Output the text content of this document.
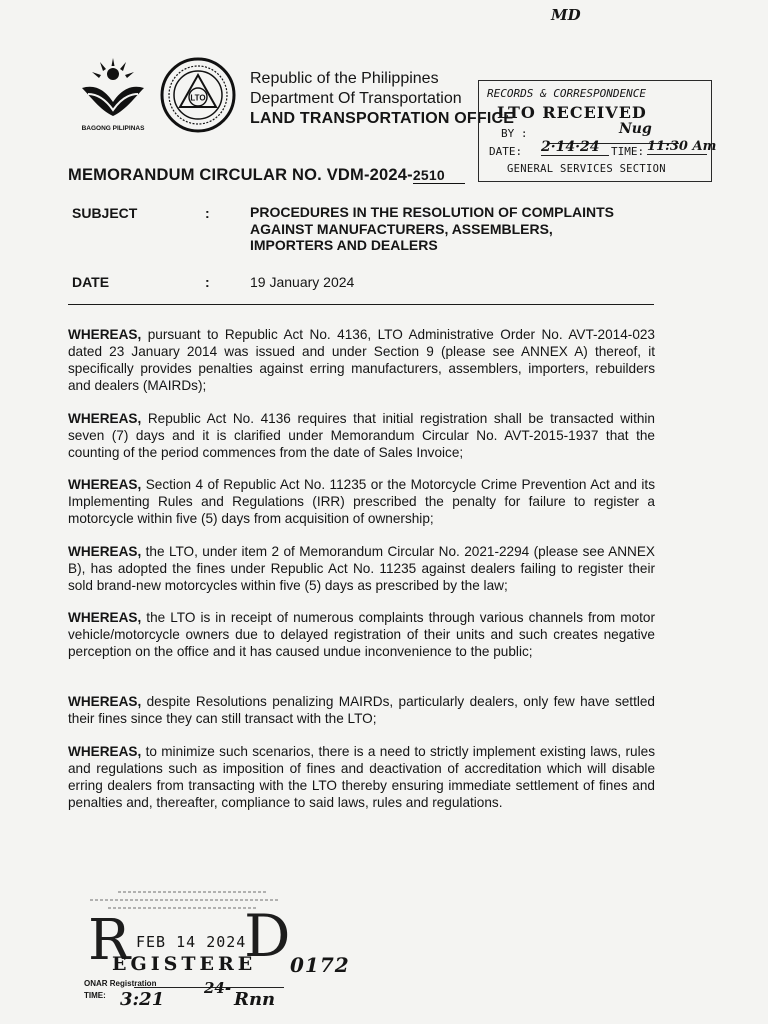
MD
BAGONG PILIPINAS
LTO
Republic of the Philippines
Department Of Transportation
LAND TRANSPORTATION OFFICE
RECORDS & CORRESPONDENCE
LTO RECEIVED
BY :	Nug
DATE: 2·14·24	TIME: 11:30 Am
GENERAL SERVICES SECTION
MEMORANDUM CIRCULAR NO. VDM-2024-2510
SUBJECT	:	PROCEDURES IN THE RESOLUTION OF COMPLAINTS
AGAINST MANUFACTURERS, ASSEMBLERS,
IMPORTERS AND DEALERS
DATE	:	19 January 2024
WHEREAS, pursuant to Republic Act No. 4136, LTO Administrative Order No. AVT-2014-023 dated 23 January 2014 was issued and under Section 9 (please see ANNEX A) thereof, it specifically provides penalties against erring manufacturers, assemblers, importers, rebuilders and dealers (MAIRDs);
WHEREAS, Republic Act No. 4136 requires that initial registration shall be transacted within seven (7) days and it is clarified under Memorandum Circular No. AVT-2015-1937 that the counting of the period commences from the date of Sales Invoice;
WHEREAS, Section 4 of Republic Act No. 11235 or the Motorcycle Crime Prevention Act and its Implementing Rules and Regulations (IRR) prescribed the penalty for failure to register a motorcycle within five (5) days from acquisition of ownership;
WHEREAS, the LTO, under item 2 of Memorandum Circular No. 2021-2294 (please see ANNEX B), has adopted the fines under Republic Act No. 11235 against dealers failing to register their sold brand-new motorcycles within five (5) days as prescribed by the law;
WHEREAS, the LTO is in receipt of numerous complaints through various channels from motor vehicle/motorcycle owners due to delayed registration of their units and such creates negative perception on the office and it has caused undue inconvenience to the public;
WHEREAS, despite Resolutions penalizing MAIRDs, particularly dealers, only few have settled their fines since they can still transact with the LTO;
WHEREAS, to minimize such scenarios, there is a need to strictly implement existing laws, rules and regulations such as imposition of fines and deactivation of accreditation which will disable erring dealers from transacting with the LTO thereby ensuring immediate settlement of fines and penalties and, thereafter, compliance to said laws, rules and regulations.
R FEB 14 2024
D
EGISTERE 0172
ONAR Registration
TIME: 3:21
24-
Rnn
